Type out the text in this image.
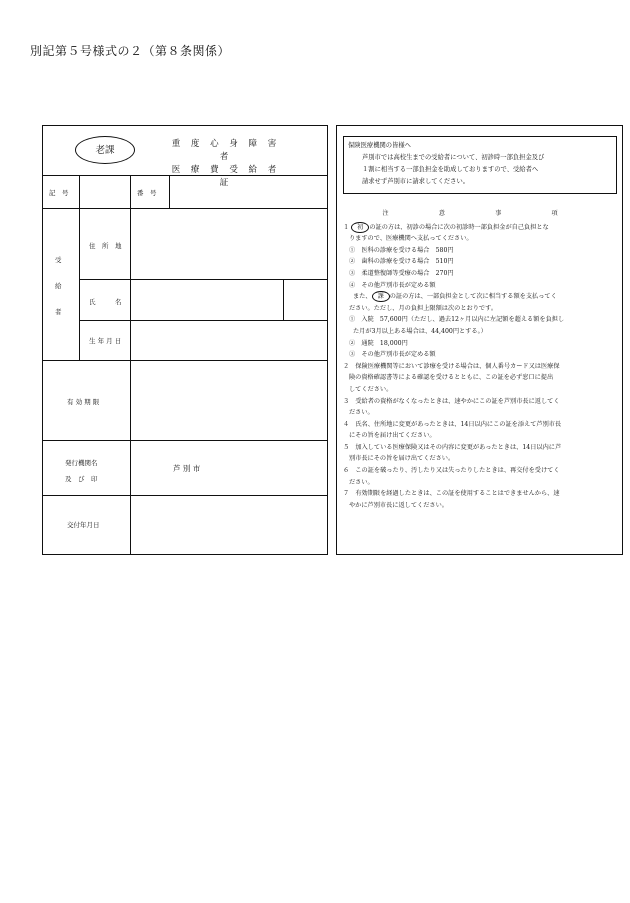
別記第５号様式の２（第８条関係）
老課
重 度 心 身 障 害 者
医 療 費 受 給 者 証
記　号	番　号
受
給
者
住　所　地
氏　　　名
生 年 月 日
有 効 期 限
発行機関名
及　び　印
芦 別 市
交付年月日
保険医療機関の皆様へ
芦別市では高校生までの受給者について、初診時一部負担金及び
１割に相当する一部負担金を助成しておりますので、受給者へ
請求せず芦別市に請求してください。
注　意　事　項
１ 初 の証の方は、初診の場合に次の初診時一部負担金が自己負担とな
りますので、医療機関へ支払ってください。
①　医科の診療を受ける場合　580円
②　歯科の診療を受ける場合　510円
③　柔道整復師等受療の場合　270円
④　その他芦別市長が定める額
また、 課 の証の方は、一部負担金として次に相当する額を支払ってく
ださい。ただし、月の負担上限額は次のとおりです。
①　入院　57,600円（ただし、過去12ヶ月以内に左記額を超える額を負担し
た月が3月以上ある場合は、44,400円とする。）
②　通院　18,000円
③　その他芦別市長が定める額
２　保険医療機関等において診療を受ける場合は、個人番号カード又は医療保
険の資格確認書等による確認を受けるとともに、この証を必ず窓口に提出
してください。
３　受給者の資格がなくなったときは、速やかにこの証を芦別市長に返してく
ださい。
４　氏名、住所地に変更があったときは、14日以内にこの証を添えて芦別市長
にその旨を届け出てください。
５　加入している医療保険又はその内容に変更があったときは、14日以内に芦
別市長にその旨を届け出てください。
６　この証を破ったり、汚したり又は失ったりしたときは、再交付を受けてく
ださい。
７　有効期限を経過したときは、この証を使用することはできませんから、速
やかに芦別市長に返してください。
